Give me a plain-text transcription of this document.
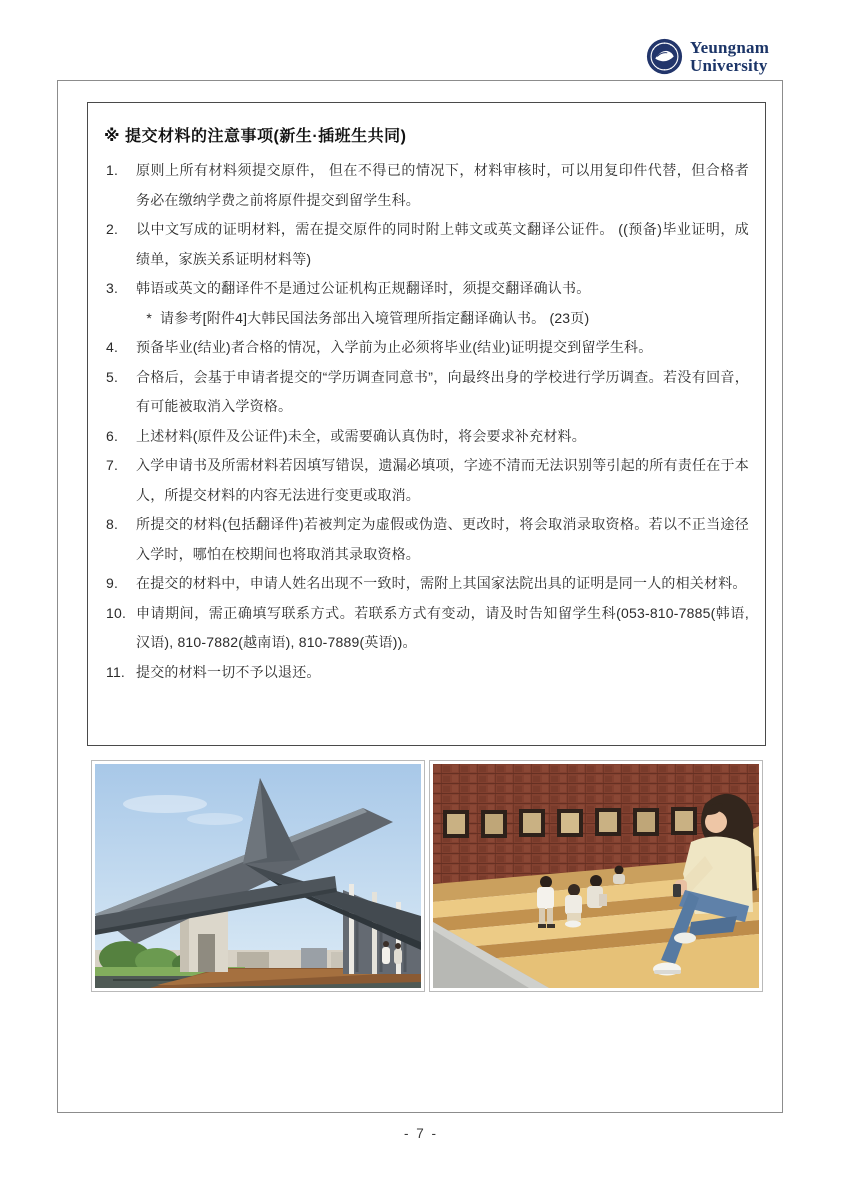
Yeungnam
University
※ 提交材料的注意事项(新生·插班生共同)
1.	原则上所有材料须提交原件， 但在不得已的情况下，材料审核时，可以用复印件代替，但合格者务必在缴纳学费之前将原件提交到留学生科。
2.	以中文写成的证明材料，需在提交原件的同时附上韩文或英文翻译公证件。 ((预备)毕业证明，成绩单，家族关系证明材料等)
3.	韩语或英文的翻译件不是通过公证机构正规翻译时，须提交翻译确认书。
* 请参考[附件4]大韩民国法务部出入境管理所指定翻译确认书。 (23页)
4.	预备毕业(结业)者合格的情况，入学前为止必须将毕业(结业)证明提交到留学生科。
5.	合格后，会基于申请者提交的“学历调查同意书”，向最终出身的学校进行学历调查。若没有回音，有可能被取消入学资格。
6.	上述材料(原件及公证件)未全，或需要确认真伪时，将会要求补充材料。
7.	入学申请书及所需材料若因填写错误，遗漏必填项，字迹不清而无法识别等引起的所有责任在于本人，所提交材料的内容无法进行变更或取消。
8.	所提交的材料(包括翻译件)若被判定为虚假或伪造、更改时，将会取消录取资格。若以不正当途径入学时，哪怕在校期间也将取消其录取资格。
9.	在提交的材料中，申请人姓名出现不一致时，需附上其国家法院出具的证明是同一人的相关材料。
10. 申请期间，需正确填写联系方式。若联系方式有变动，请及时告知留学生科(053-810-7885(韩语,汉语), 810-7882(越南语), 810-7889(英语))。
11. 提交的材料一切不予以退还。
- 7 -
